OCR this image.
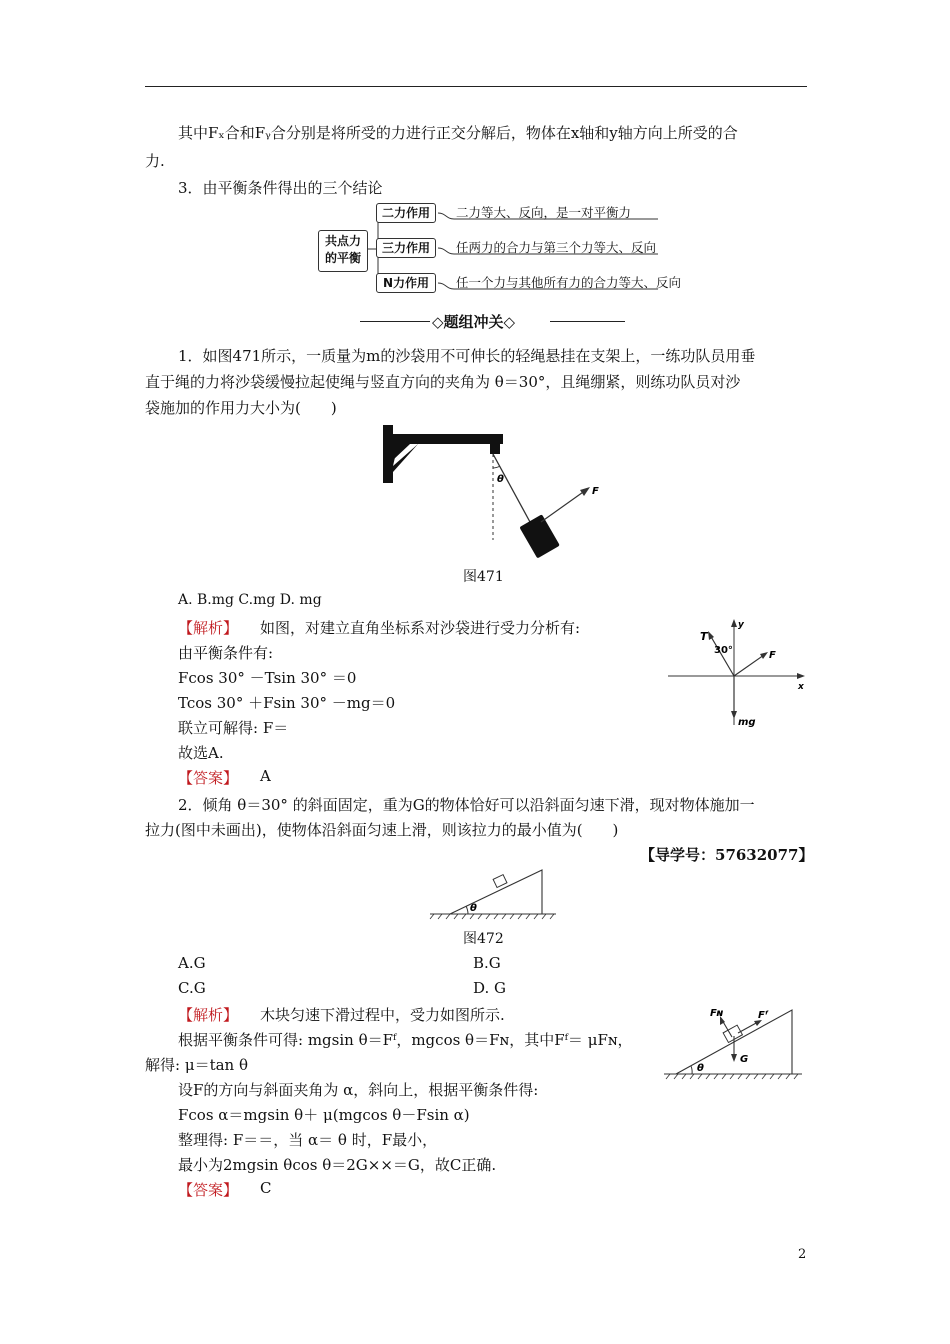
其中Fₓ合和Fᵧ合分别是将所受的力进行正交分解后，物体在x轴和y轴方向上所受的合
力.
3．由平衡条件得出的三个结论
共点力
的平衡
二力作用
三力作用
N力作用
二力等大、反向，是一对平衡力
任两力的合力与第三个力等大、反向
任一个力与其他所有力的合力等大、反向
◇题组冲关◇
1．如图471所示，一质量为m的沙袋用不可伸长的轻绳悬挂在支架上，一练功队员用垂
直于绳的力将沙袋缓慢拉起使绳与竖直方向的夹角为 θ＝30°，且绳绷紧，则练功队员对沙
袋施加的作用力大小为(　　)
θ
F
图471
A. B.mg C.mg D. mg
【解析】 如图，对建立直角坐标系对沙袋进行受力分析有:
由平衡条件有:
Fcos 30° －Tsin 30° ＝0
Tcos 30° ＋Fsin 30° －mg＝0
联立可解得: F＝
故选A.
【答案】 A
T
y
30°	F
x
mg
2．倾角 θ＝30° 的斜面固定，重为G的物体恰好可以沿斜面匀速下滑，现对物体施加一
拉力(图中未画出)，使物体沿斜面匀速上滑，则该拉力的最小值为(　　)
【导学号：57632077】
θ
图472
A.G	B.G
C.G	D. G
【解析】 木块匀速下滑过程中，受力如图所示.
根据平衡条件可得: mgsin θ＝Fᶠ，mgcos θ＝Fɴ，其中Fᶠ＝ μFɴ，
解得: μ＝tan θ
设F的方向与斜面夹角为 α，斜向上，根据平衡条件得:
Fcos α＝mgsin θ＋ μ(mgcos θ－Fsin α)
整理得: F＝＝，当 α＝ θ 时，F最小，
最小为2mgsin θcos θ＝2G××＝G，故C正确.
【答案】 C
Fɴ	Fᶠ
G
θ
2
